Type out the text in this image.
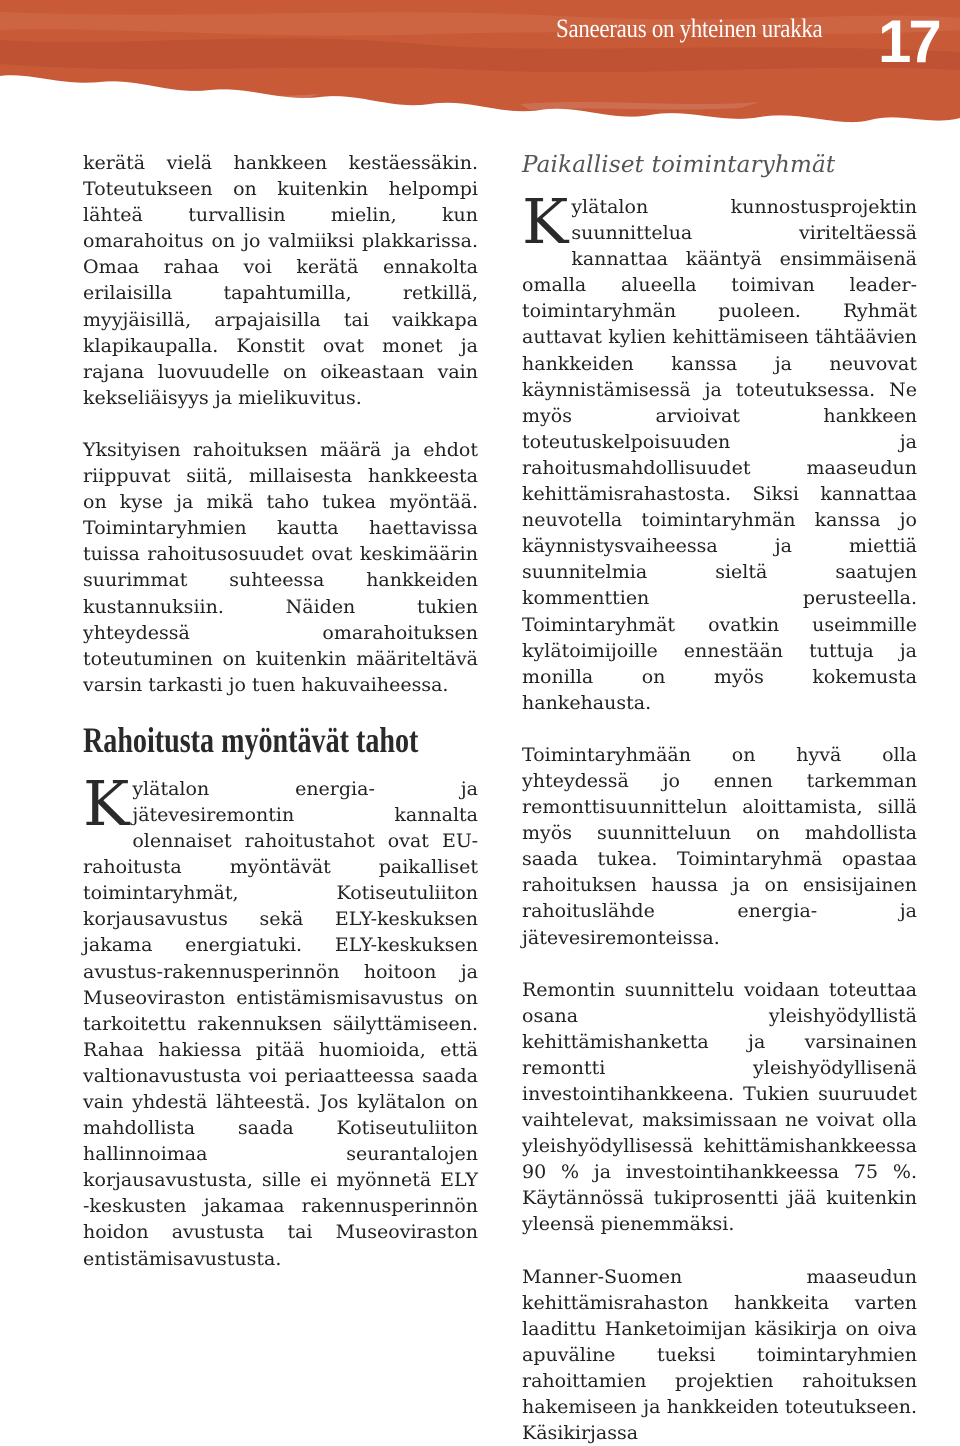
Saneeraus on yhteinen urakka 17

kerätä vielä hankkeen kestäessäkin. Toteutukseen on kuitenkin helpompi lähteä turvallisin mielin, kun omarahoitus on jo valmiiksi plakkarissa. Omaa rahaa voi kerätä ennakolta erilaisilla tapahtumilla, retkillä, myyjäisillä, arpajaisilla tai vaikkapa klapikaupalla. Konstit ovat monet ja rajana luovuudelle on oikeastaan vain kekseliäisyys ja mielikuvitus.

Yksityisen rahoituksen määrä ja ehdot riippuvat siitä, millaisesta hankkeesta on kyse ja mikä taho tukea myöntää. Toimintaryhmien kautta haettavissa tuissa rahoitusosuudet ovat keskimäärin suurimmat suhteessa hankkeiden kustannuksiin. Näiden tukien yhteydessä omarahoituksen toteutuminen on kuitenkin määriteltävä varsin tarkasti jo tuen hakuvaiheessa.

Rahoitusta myöntävät tahot

Kylätalon energia- ja jätevesiremontin kannalta olennaiset rahoitustahot ovat EU-rahoitusta myöntävät paikalliset toimintaryhmät, Kotiseutuliiton korjausavustus sekä ELY-keskuksen jakama energiatuki. ELY-keskuksen avustus-rakennusperinnön hoitoon ja Museoviraston entistämismisavustus on tarkoitettu rakennuksen säilyttämiseen. Rahaa hakiessa pitää huomioida, että valtionavustusta voi periaatteessa saada vain yhdestä lähteestä. Jos kylätalon on mahdollista saada Kotiseutuliiton hallinnoimaa seurantalojen korjausavustusta, sille ei myönnetä ELY -keskusten jakamaa rakennusperinnön hoidon avustusta tai Museoviraston entistämisavustusta.

Paikalliset toimintaryhmät

Kylätalon kunnostusprojektin suunnittelua viriteltäessä kannattaa kääntyä ensimmäisenä omalla alueella toimivan leader-toimintaryhmän puoleen. Ryhmät auttavat kylien kehittämiseen tähtäävien hankkeiden kanssa ja neuvovat käynnistämisessä ja toteutuksessa. Ne myös arvioivat hankkeen toteutuskelpoisuuden ja rahoitusmahdollisuudet maaseudun kehittämisrahastosta. Siksi kannattaa neuvotella toimintaryhmän kanssa jo käynnistysvaiheessa ja miettiä suunnitelmia sieltä saatujen kommenttien perusteella. Toimintaryhmät ovatkin useimmille kylätoimijoille ennestään tuttuja ja monilla on myös kokemusta hankehausta.

Toimintaryhmään on hyvä olla yhteydessä jo ennen tarkemman remonttisuunnittelun aloittamista, sillä myös suunnitteluun on mahdollista saada tukea. Toimintaryhmä opastaa rahoituksen haussa ja on ensisijainen rahoituslähde energia- ja jätevesiremonteissa.

Remontin suunnittelu voidaan toteuttaa osana yleishyödyllistä kehittämishanketta ja varsinainen remontti yleishyödyllisenä investointihankkeena. Tukien suuruudet vaihtelevat, maksimissaan ne voivat olla yleishyödyllisessä kehittämishankkeessa 90 % ja investointihankkeessa 75 %. Käytännössä tukiprosentti jää kuitenkin yleensä pienemmäksi.

Manner-Suomen maaseudun kehittämisrahaston hankkeita varten laadittu Hanketoimijan käsikirja on oiva apuväline tueksi toimintaryhmien rahoittamien projektien rahoituksen hakemiseen ja hankkeiden toteutukseen. Käsikirjassa
